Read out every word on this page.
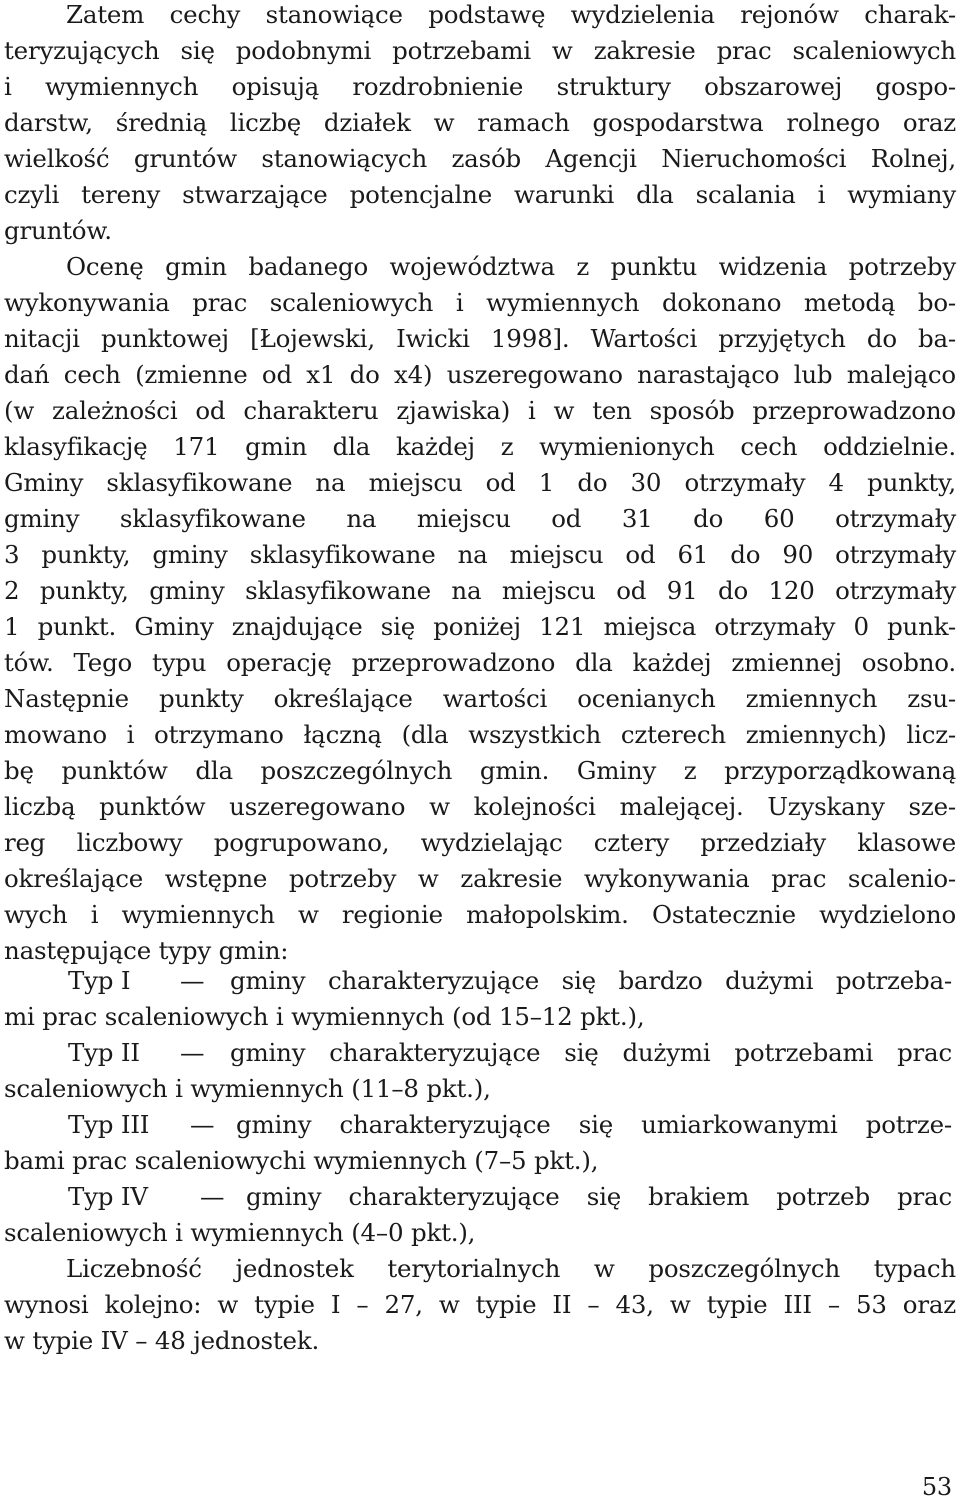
Zatem cechy stanowiące podstawę wydzielenia rejonów charak-
teryzujących się podobnymi potrzebami w zakresie prac scaleniowych
i wymiennych opisują rozdrobnienie struktury obszarowej gospo-
darstw, średnią liczbę działek w ramach gospodarstwa rolnego oraz
wielkość gruntów stanowiących zasób Agencji Nieruchomości Rolnej,
czyli tereny stwarzające potencjalne warunki dla scalania i wymiany
gruntów.
Ocenę gmin badanego województwa z punktu widzenia potrzeby
wykonywania prac scaleniowych i wymiennych dokonano metodą bo-
nitacji punktowej [Łojewski, Iwicki 1998]. Wartości przyjętych do ba-
dań cech (zmienne od x1 do x4) uszeregowano narastająco lub malejąco
(w zależności od charakteru zjawiska) i w ten sposób przeprowadzono
klasyfikację 171 gmin dla każdej z wymienionych cech oddzielnie.
Gminy sklasyfikowane na miejscu od 1 do 30 otrzymały 4 punkty,
gminy sklasyfikowane na miejscu od 31 do 60 otrzymały
3 punkty, gminy sklasyfikowane na miejscu od 61 do 90 otrzymały
2 punkty, gminy sklasyfikowane na miejscu od 91 do 120 otrzymały
1 punkt. Gminy znajdujące się poniżej 121 miejsca otrzymały 0 punk-
tów. Tego typu operację przeprowadzono dla każdej zmiennej osobno.
Następnie punkty określające wartości ocenianych zmiennych zsu-
mowano i otrzymano łączną (dla wszystkich czterech zmiennych) licz-
bę punktów dla poszczególnych gmin. Gminy z przyporządkowaną
liczbą punktów uszeregowano w kolejności malejącej. Uzyskany sze-
reg liczbowy pogrupowano, wydzielając cztery przedziały klasowe
określające wstępne potrzeby w zakresie wykonywania prac scalenio-
wych i wymiennych w regionie małopolskim. Ostatecznie wydzielono
następujące typy gmin:
Typ I — gminy charakteryzujące się bardzo dużymi potrzeba-
mi prac scaleniowych i wymiennych (od 15–12 pkt.),
Typ II — gminy charakteryzujące się dużymi potrzebami prac
scaleniowych i wymiennych (11–8 pkt.),
Typ III — gminy charakteryzujące się umiarkowanymi potrze-
bami prac scaleniowychi wymiennych (7–5 pkt.),
Typ IV — gminy charakteryzujące się brakiem potrzeb prac
scaleniowych i wymiennych (4–0 pkt.),
Liczebność jednostek terytorialnych w poszczególnych typach
wynosi kolejno: w typie I – 27, w typie II – 43, w typie III – 53 oraz
w typie IV – 48 jednostek.
53
